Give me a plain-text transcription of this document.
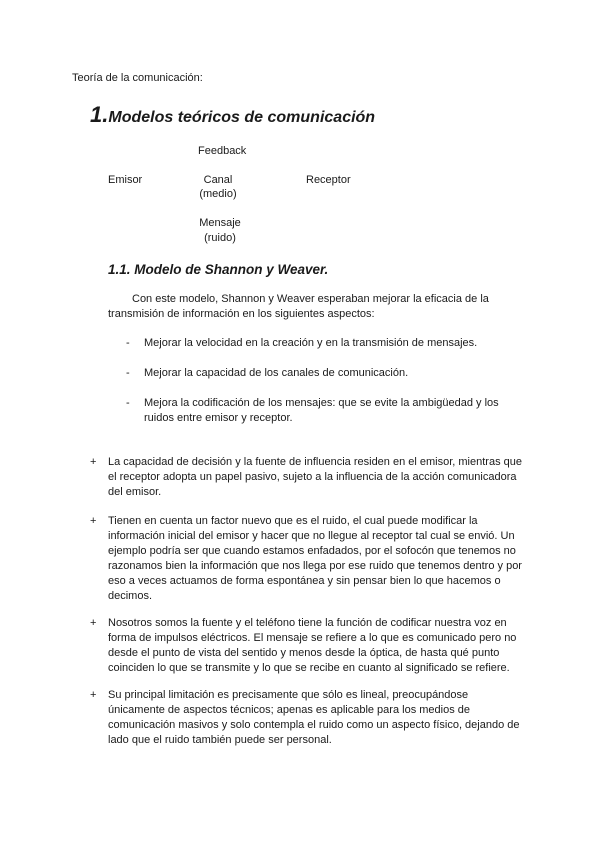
Teoría de la comunicación:
1.Modelos teóricos de comunicación
Feedback
Emisor	Canal
(medio)
Receptor
Mensaje
(ruido)
1.1. Modelo de Shannon y Weaver.
Con este modelo, Shannon y Weaver esperaban mejorar la eficacia de la
transmisión de información en los siguientes aspectos:
-	Mejorar la velocidad en la creación y en la transmisión de mensajes.
-	Mejorar la capacidad de los canales de comunicación.
-	Mejora la codificación de los mensajes: que se evite la ambigüedad y los
ruidos entre emisor y receptor.
+	La capacidad de decisión y la fuente de influencia residen en el emisor, mientras que
el receptor adopta un papel pasivo, sujeto a la influencia de la acción comunicadora
del emisor.
+	Tienen en cuenta un factor nuevo que es el ruido, el cual puede modificar la
información inicial del emisor y hacer que no llegue al receptor tal cual se envió. Un
ejemplo podría ser que cuando estamos enfadados, por el sofocón que tenemos no
razonamos bien la información que nos llega por ese ruido que tenemos dentro y por
eso a veces actuamos de forma espontánea y sin pensar bien lo que hacemos o
decimos.
+	Nosotros somos la fuente y el teléfono tiene la función de codificar nuestra voz en
forma de impulsos eléctricos. El mensaje se refiere a lo que es comunicado pero no
desde el punto de vista del sentido y menos desde la óptica, de hasta qué punto
coinciden lo que se transmite y lo que se recibe en cuanto al significado se refiere.
+	Su principal limitación es precisamente que sólo es lineal, preocupándose
únicamente de aspectos técnicos; apenas es aplicable para los medios de
comunicación masivos y solo contempla el ruido como un aspecto físico, dejando de
lado que el ruido también puede ser personal.
